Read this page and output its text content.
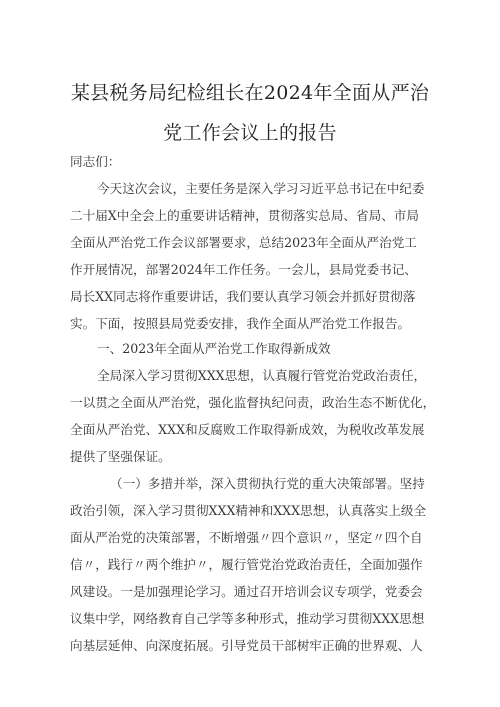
某县税务局纪检组长在2024年全面从严治
党工作会议上的报告
同志们：
今天这次会议，主要任务是深入学习习近平总书记在中纪委
二十届X中全会上的重要讲话精神，贯彻落实总局、省局、市局
全面从严治党工作会议部署要求，总结2023年全面从严治党工
作开展情况，部署2024年工作任务。一会儿，县局党委书记、
局长XX同志将作重要讲话，我们要认真学习领会并抓好贯彻落
实。下面，按照县局党委安排，我作全面从严治党工作报告。
一、2023年全面从严治党工作取得新成效
全局深入学习贯彻XXX思想，认真履行管党治党政治责任，
一以贯之全面从严治党，强化监督执纪问责，政治生态不断优化，
全面从严治党、XXX和反腐败工作取得新成效，为税收改革发展
提供了坚强保证。
（一）多措并举，深入贯彻执行党的重大决策部署。坚持
政治引领，深入学习贯彻XXX精神和XXX思想，认真落实上级全
面从严治党的决策部署，不断增强〃四个意识〃，坚定〃四个自
信〃，践行〃两个维护〃，履行管党治党政治责任，全面加强作
风建设。一是加强理论学习。通过召开培训会议专项学，党委会
议集中学，网络教育自己学等多种形式，推动学习贯彻XXX思想
向基层延伸、向深度拓展。引导党员干部树牢正确的世界观、人
